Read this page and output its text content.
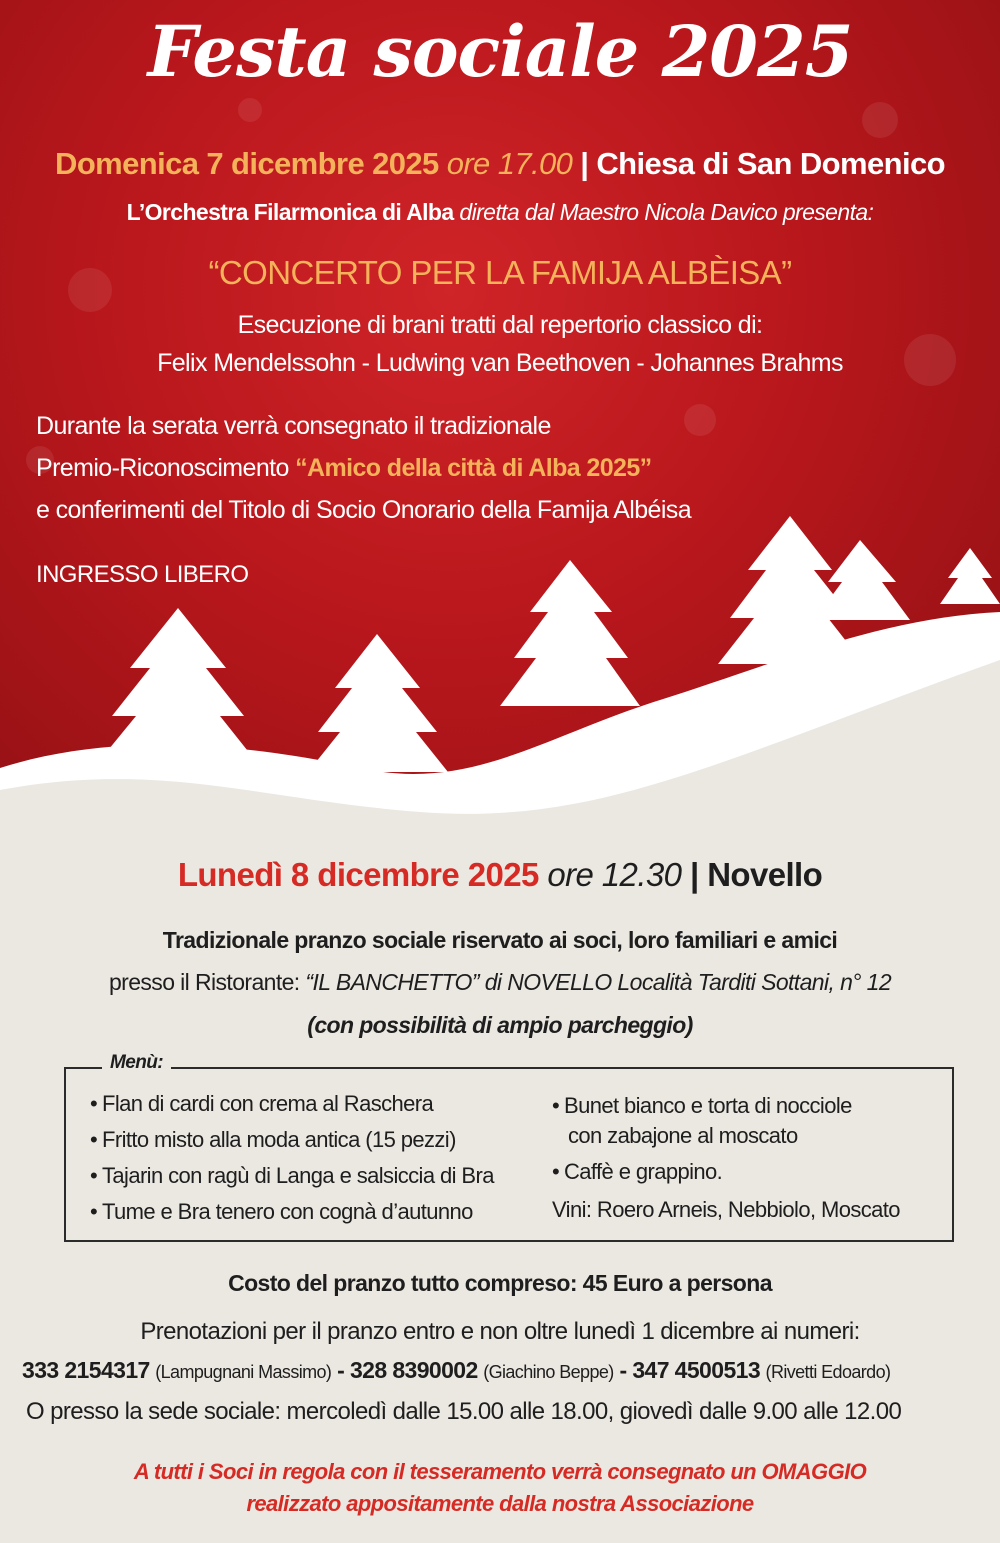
Festa sociale 2025
Domenica 7 dicembre 2025 ore 17.00 | Chiesa di San Domenico
L’Orchestra Filarmonica di Alba diretta dal Maestro Nicola Davico presenta:
“CONCERTO PER LA FAMIJA ALBÈISA”
Esecuzione di brani tratti dal repertorio classico di:
Felix Mendelssohn - Ludwing van Beethoven - Johannes Brahms
Durante la serata verrà consegnato il tradizionale
Premio-Riconoscimento “Amico della città di Alba 2025”
e conferimenti del Titolo di Socio Onorario della Famija Albéisa
INGRESSO LIBERO
Lunedì 8 dicembre 2025 ore 12.30 | Novello
Tradizionale pranzo sociale riservato ai soci, loro familiari e amici
presso il Ristorante: “IL BANCHETTO” di NOVELLO Località Tarditi Sottani, n° 12
(con possibilità di ampio parcheggio)
Menù:
• Flan di cardi con crema al Raschera
• Fritto misto alla moda antica (15 pezzi)
• Tajarin con ragù di Langa e salsiccia di Bra
• Tume e Bra tenero con cognà d’autunno
• Bunet bianco e torta di nocciole
con zabajone al moscato
• Caffè e grappino.
Vini: Roero Arneis, Nebbiolo, Moscato
Costo del pranzo tutto compreso: 45 Euro a persona
Prenotazioni per il pranzo entro e non oltre lunedì 1 dicembre ai numeri:
333 2154317 (Lampugnani Massimo) - 328 8390002 (Giachino Beppe) - 347 4500513 (Rivetti Edoardo)
O presso la sede sociale: mercoledì dalle 15.00 alle 18.00, giovedì dalle 9.00 alle 12.00
A tutti i Soci in regola con il tesseramento verrà consegnato un OMAGGIO
realizzato appositamente dalla nostra Associazione
